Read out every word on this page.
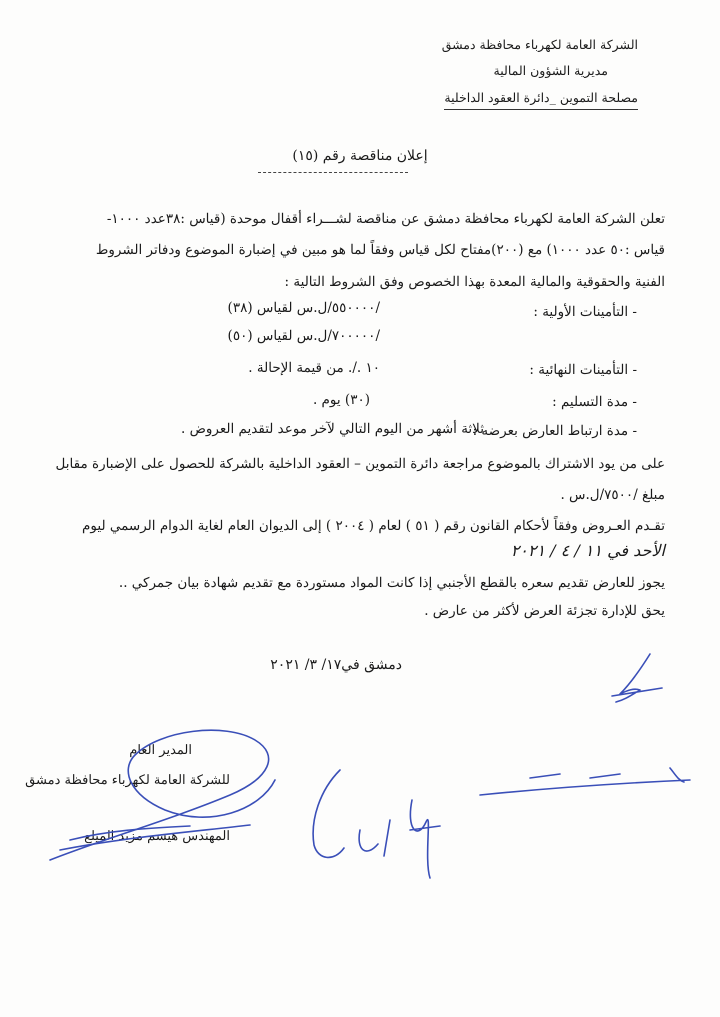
الشركة العامة لكهرباء محافظة دمشق
مديرية الشؤون المالية
مصلحة التموين _دائرة العقود الداخلية
إعلان مناقصة رقم (١٥)
تعلن الشركة العامة لكهرباء محافظة دمشق عن مناقصة لشـــراء أقفال موحدة (قياس :٣٨عدد ١٠٠٠-
قياس :٥٠ عدد ١٠٠٠) مع (٢٠٠)مفتاح لكل قياس وفقاً لما هو مبين في إضبارة الموضوع ودفاتر الشروط
الفنية والحقوقية والمالية المعدة بهذا الخصوص وفق الشروط التالية :
- التأمينات الأولية :
/٥٥٠٠٠٠/ل.س لقياس (٣٨)
/٧٠٠٠٠٠/ل.س لقياس (٥٠)
- التأمينات النهائية :
١٠ ./. من قيمة الإحالة .
- مدة التسليم :
(٣٠) يوم .
- مدة ارتباط العارض بعرضه :
ثلاثة أشهر من اليوم التالي لآخر موعد لتقديم العروض .
على من يود الاشتراك بالموضوع مراجعة دائرة التموين – العقود الداخلية بالشركة للحصول على الإضبارة مقابل
مبلغ /٧٥٠٠/ل.س .
تقـدم العـروض وفقاً لأحكام القانون رقم ( ٥١ ) لعام ( ٢٠٠٤ ) إلى الديوان العام لغاية الدوام الرسمي ليوم
الأحد في ١١ / ٤ / ٢٠٢١
يجوز للعارض تقديم سعره بالقطع الأجنبي إذا كانت المواد مستوردة مع تقديم شهادة بيان جمركي ..
يحق للإدارة تجزئة العرض لأكثر من عارض .
دمشق في١٧/ ٣/ ٢٠٢١
المدير العام
للشركة العامة لكهرباء محافظة دمشق
المهندس هيسم مزيد الميلع
